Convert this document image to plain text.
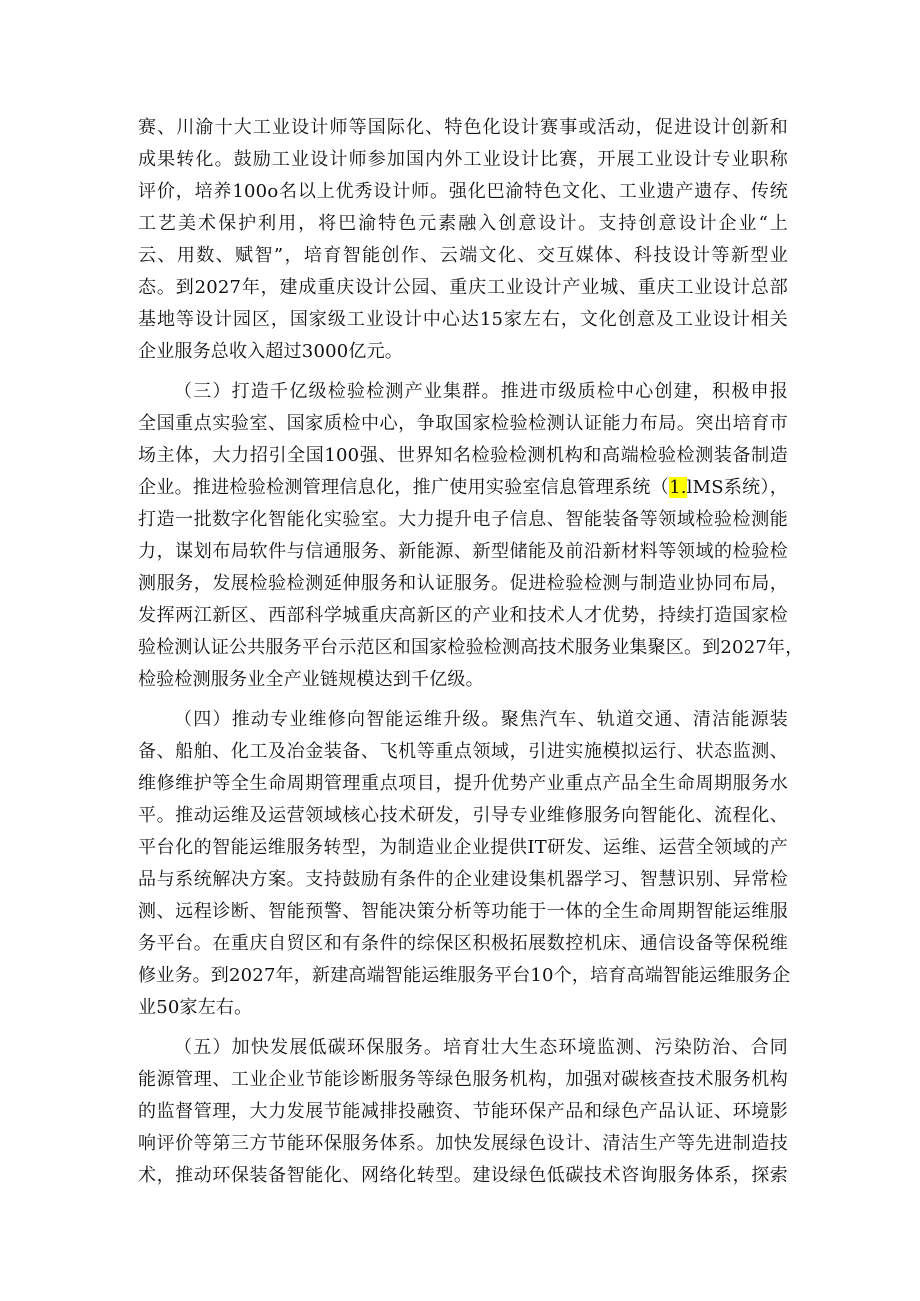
赛、川渝十大工业设计师等国际化、特色化设计赛事或活动，促进设计创新和
成果转化。鼓励工业设计师参加国内外工业设计比赛，开展工业设计专业职称
评价，培养100o名以上优秀设计师。强化巴渝特色文化、工业遗产遗存、传统
工艺美术保护利用，将巴渝特色元素融入创意设计。支持创意设计企业“上
云、用数、赋智”，培育智能创作、云端文化、交互媒体、科技设计等新型业
态。到2027年，建成重庆设计公园、重庆工业设计产业城、重庆工业设计总部
基地等设计园区，国家级工业设计中心达15家左右，文化创意及工业设计相关
企业服务总收入超过3000亿元。
（三）打造千亿级检验检测产业集群。推进市级质检中心创建，积极申报
全国重点实验室、国家质检中心，争取国家检验检测认证能力布局。突出培育市
场主体，大力招引全国100强、世界知名检验检测机构和高端检验检测装备制造
企业。推进检验检测管理信息化，推广使用实验室信息管理系统（1.lMS系统），
打造一批数字化智能化实验室。大力提升电子信息、智能装备等领域检验检测能
力，谋划布局软件与信通服务、新能源、新型储能及前沿新材料等领域的检验检
测服务，发展检验检测延伸服务和认证服务。促进检验检测与制造业协同布局，
发挥两江新区、西部科学城重庆高新区的产业和技术人才优势，持续打造国家检
验检测认证公共服务平台示范区和国家检验检测高技术服务业集聚区。到2027年，
检验检测服务业全产业链规模达到千亿级。
（四）推动专业维修向智能运维升级。聚焦汽车、轨道交通、清洁能源装
备、船舶、化工及冶金装备、飞机等重点领域，引进实施模拟运行、状态监测、
维修维护等全生命周期管理重点项目，提升优势产业重点产品全生命周期服务水
平。推动运维及运营领域核心技术研发，引导专业维修服务向智能化、流程化、
平台化的智能运维服务转型，为制造业企业提供IT研发、运维、运营全领域的产
品与系统解决方案。支持鼓励有条件的企业建设集机器学习、智慧识别、异常检
测、远程诊断、智能预警、智能决策分析等功能于一体的全生命周期智能运维服
务平台。在重庆自贸区和有条件的综保区积极拓展数控机床、通信设备等保税维
修业务。到2027年，新建高端智能运维服务平台10个，培育高端智能运维服务企
业50家左右。
（五）加快发展低碳环保服务。培育壮大生态环境监测、污染防治、合同
能源管理、工业企业节能诊断服务等绿色服务机构，加强对碳核查技术服务机构
的监督管理，大力发展节能减排投融资、节能环保产品和绿色产品认证、环境影
响评价等第三方节能环保服务体系。加快发展绿色设计、清洁生产等先进制造技
术，推动环保装备智能化、网络化转型。建设绿色低碳技术咨询服务体系，探索
